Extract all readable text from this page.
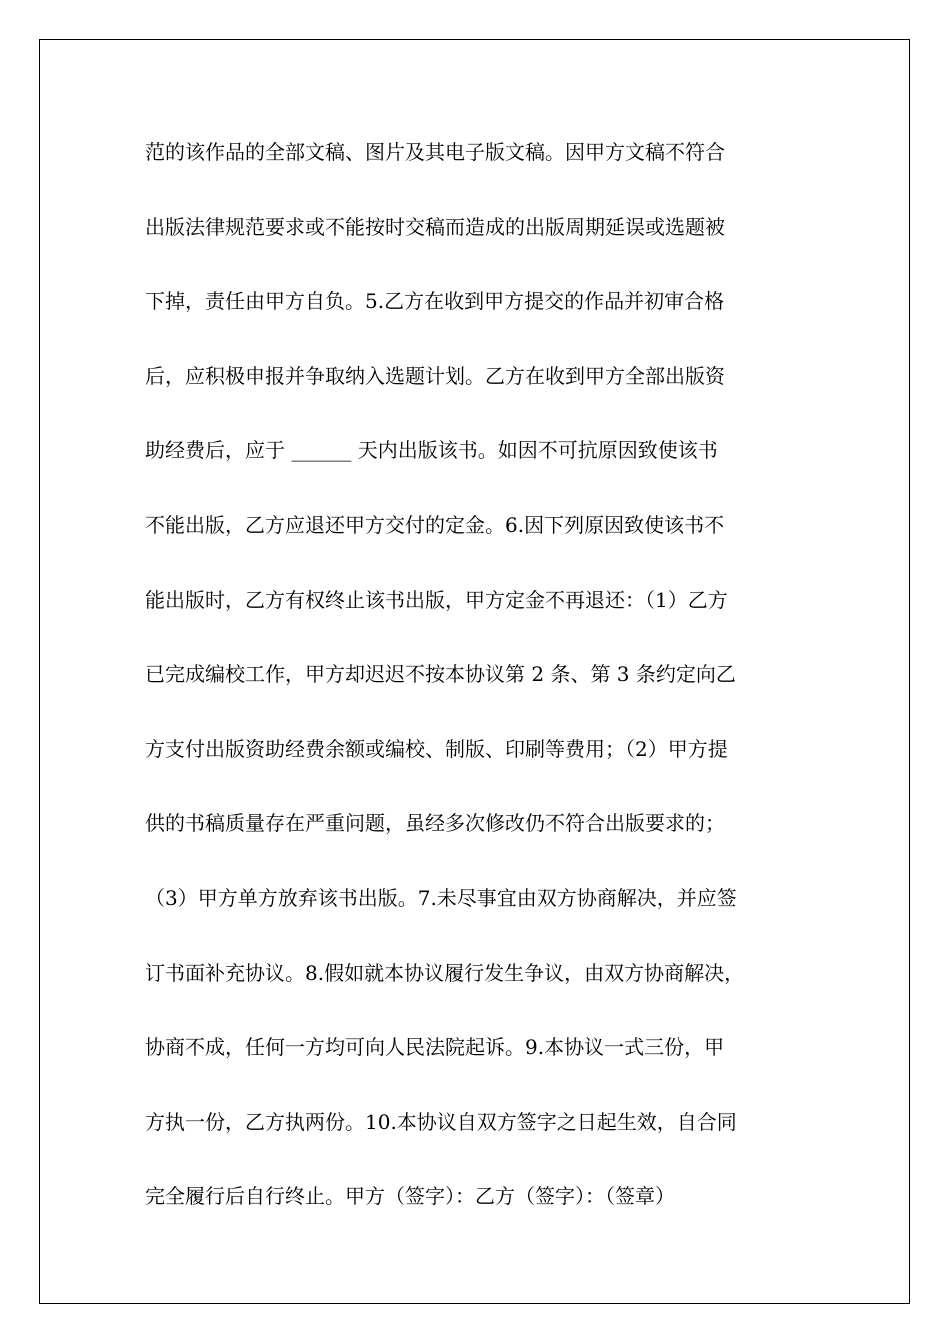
范的该作品的全部文稿、图片及其电子版文稿。因甲方文稿不符合
出版法律规范要求或不能按时交稿而造成的出版周期延误或选题被
下掉，责任由甲方自负。5.乙方在收到甲方提交的作品并初审合格
后，应积极申报并争取纳入选题计划。乙方在收到甲方全部出版资
助经费后，应于 ______ 天内出版该书。如因不可抗原因致使该书
不能出版，乙方应退还甲方交付的定金。6.因下列原因致使该书不
能出版时，乙方有权终止该书出版，甲方定金不再退还：（1）乙方
已完成编校工作，甲方却迟迟不按本协议第 2 条、第 3 条约定向乙
方支付出版资助经费余额或编校、制版、印刷等费用；（2）甲方提
供的书稿质量存在严重问题，虽经多次修改仍不符合出版要求的；
（3）甲方单方放弃该书出版。7.未尽事宜由双方协商解决，并应签
订书面补充协议。8.假如就本协议履行发生争议，由双方协商解决，
协商不成，任何一方均可向人民法院起诉。9.本协议一式三份，甲
方执一份，乙方执两份。10.本协议自双方签字之日起生效，自合同
完全履行后自行终止。甲方（签字）：乙方（签字）：（签章）
